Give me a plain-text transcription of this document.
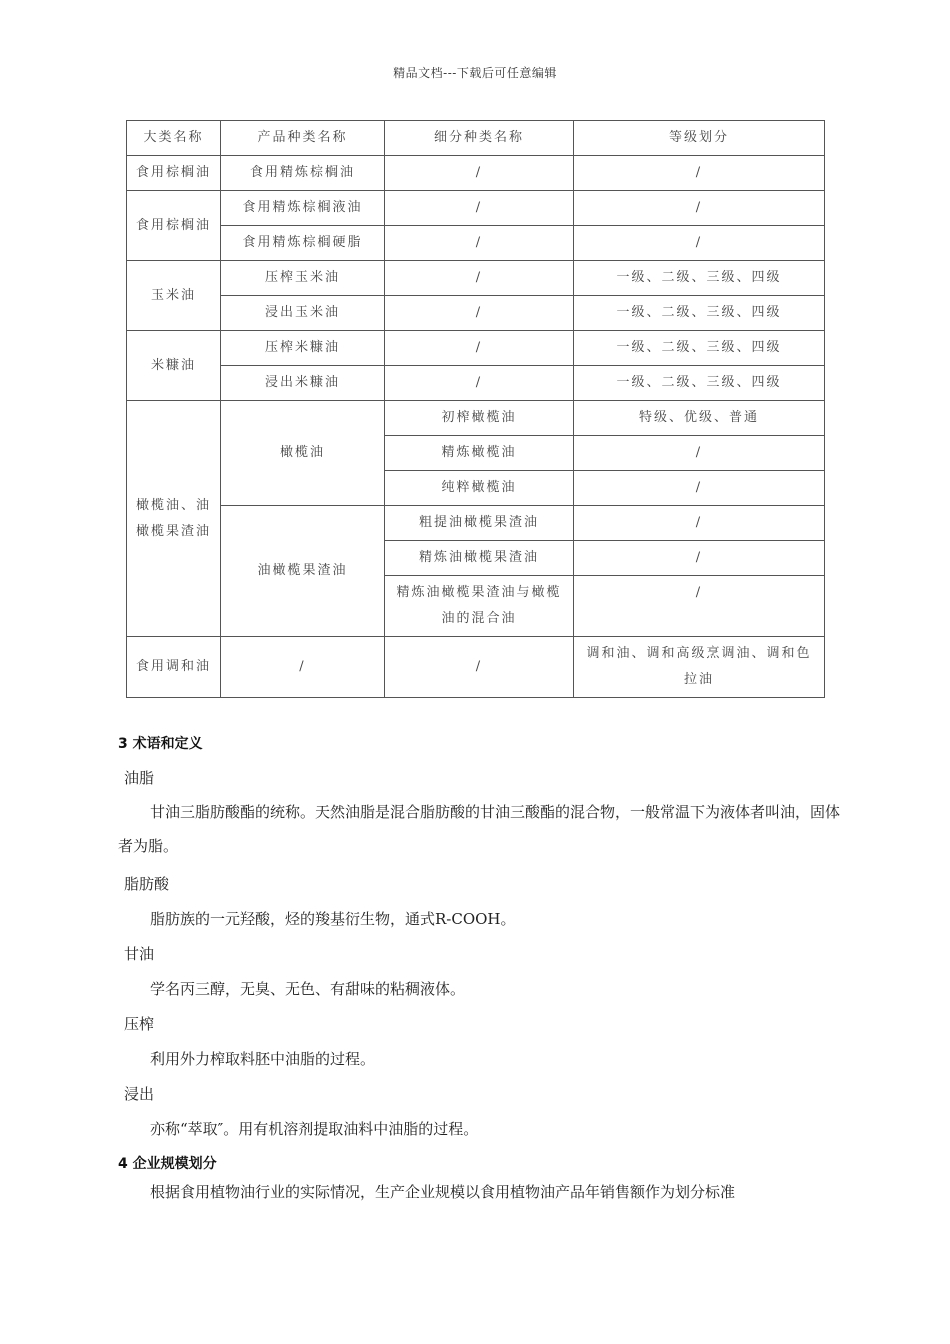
精品文档---下载后可任意编辑
大类名称	产品种类名称	细分种类名称	等级划分
食用棕榈油	食用精炼棕榈油	/	/
食用棕榈油	食用精炼棕榈液油	/	/
	食用精炼棕榈硬脂	/	/
玉米油	压榨玉米油	/	一级、二级、三级、四级
	浸出玉米油	/	一级、二级、三级、四级
米糠油	压榨米糠油	/	一级、二级、三级、四级
	浸出米糠油	/	一级、二级、三级、四级
橄榄油、油橄榄果渣油	橄榄油	初榨橄榄油	特级、优级、普通
		精炼橄榄油	/
		纯粹橄榄油	/
	油橄榄果渣油	粗提油橄榄果渣油	/
		精炼油橄榄果渣油	/
		精炼油橄榄果渣油与橄榄油的混合油	/
食用调和油	/	/	调和油、调和高级烹调油、调和色拉油
3 术语和定义
油脂

甘油三脂肪酸酯的统称。天然油脂是混合脂肪酸的甘油三酸酯的混合物，一般常温下为液体者叫油，固体者为脂。

脂肪酸
脂肪族的一元羟酸，烃的羧基衍生物，通式R-COOH。
甘油
学名丙三醇，无臭、无色、有甜味的粘稠液体。
压榨
利用外力榨取料胚中油脂的过程。
浸出
亦称“萃取″。用有机溶剂提取油料中油脂的过程。
4 企业规模划分
根据食用植物油行业的实际情况，生产企业规模以食用植物油产品年销售额作为划分标准
